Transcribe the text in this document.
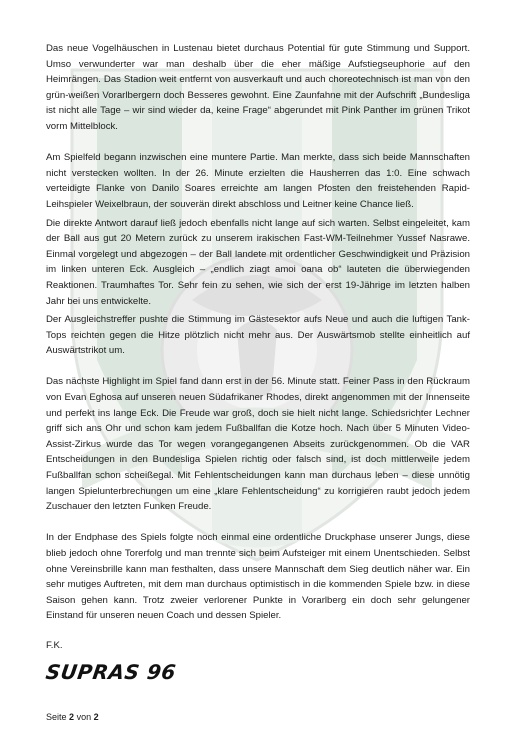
Das neue Vogelhäuschen in Lustenau bietet durchaus Potential für gute Stimmung und Support. Umso verwunderter war man deshalb über die eher mäßige Aufstiegseuphorie auf den Heimrängen. Das Stadion weit entfernt von ausverkauft und auch choreotechnisch ist man von den grün-weißen Vorarlbergern doch Besseres gewohnt. Eine Zaunfahne mit der Aufschrift „Bundesliga ist nicht alle Tage – wir sind wieder da, keine Frage“ abgerundet mit Pink Panther im grünen Trikot vorm Mittelblock.

Am Spielfeld begann inzwischen eine muntere Partie. Man merkte, dass sich beide Mannschaften nicht verstecken wollten. In der 26. Minute erzielten die Hausherren das 1:0. Eine schwach verteidigte Flanke von Danilo Soares erreichte am langen Pfosten den freistehenden Rapid-Leihspieler Weixelbraun, der souverän direkt abschloss und Leitner keine Chance ließ.

Die direkte Antwort darauf ließ jedoch ebenfalls nicht lange auf sich warten. Selbst eingeleitet, kam der Ball aus gut 20 Metern zurück zu unserem irakischen Fast-WM-Teilnehmer Yussef Nasrawe. Einmal vorgelegt und abgezogen – der Ball landete mit ordentlicher Geschwindigkeit und Präzision im linken unteren Eck. Ausgleich – „endlich ziagt amoi oana ob“ lauteten die überwiegenden Reaktionen. Traumhaftes Tor. Sehr fein zu sehen, wie sich der erst 19-Jährige im letzten halben Jahr bei uns entwickelte.

Der Ausgleichstreffer pushte die Stimmung im Gästesektor aufs Neue und auch die luftigen Tank-Tops reichten gegen die Hitze plötzlich nicht mehr aus. Der Auswärtsmob stellte einheitlich auf Auswärtstrikot um.

Das nächste Highlight im Spiel fand dann erst in der 56. Minute statt. Feiner Pass in den Rückraum von Evan Eghosa auf unseren neuen Südafrikaner Rhodes, direkt angenommen mit der Innenseite und perfekt ins lange Eck. Die Freude war groß, doch sie hielt nicht lange. Schiedsrichter Lechner griff sich ans Ohr und schon kam jedem Fußballfan die Kotze hoch. Nach über 5 Minuten Video-Assist-Zirkus wurde das Tor wegen vorangegangenen Abseits zurückgenommen. Ob die VAR Entscheidungen in den Bundesliga Spielen richtig oder falsch sind, ist doch mittlerweile jedem Fußballfan schon scheißegal. Mit Fehlentscheidungen kann man durchaus leben – diese unnötig langen Spielunterbrechungen um eine „klare Fehlentscheidung“ zu korrigieren raubt jedoch jedem Zuschauer den letzten Funken Freude.

In der Endphase des Spiels folgte noch einmal eine ordentliche Druckphase unserer Jungs, diese blieb jedoch ohne Torerfolg und man trennte sich beim Aufsteiger mit einem Unentschieden. Selbst ohne Vereinsbrille kann man festhalten, dass unsere Mannschaft dem Sieg deutlich näher war. Ein sehr mutiges Auftreten, mit dem man durchaus optimistisch in die kommenden Spiele bzw. in diese Saison gehen kann. Trotz zweier verlorener Punkte in Vorarlberg ein doch sehr gelungener Einstand für unseren neuen Coach und dessen Spieler.

F.K.

SUPRAS 96
Seite 2 von 2
